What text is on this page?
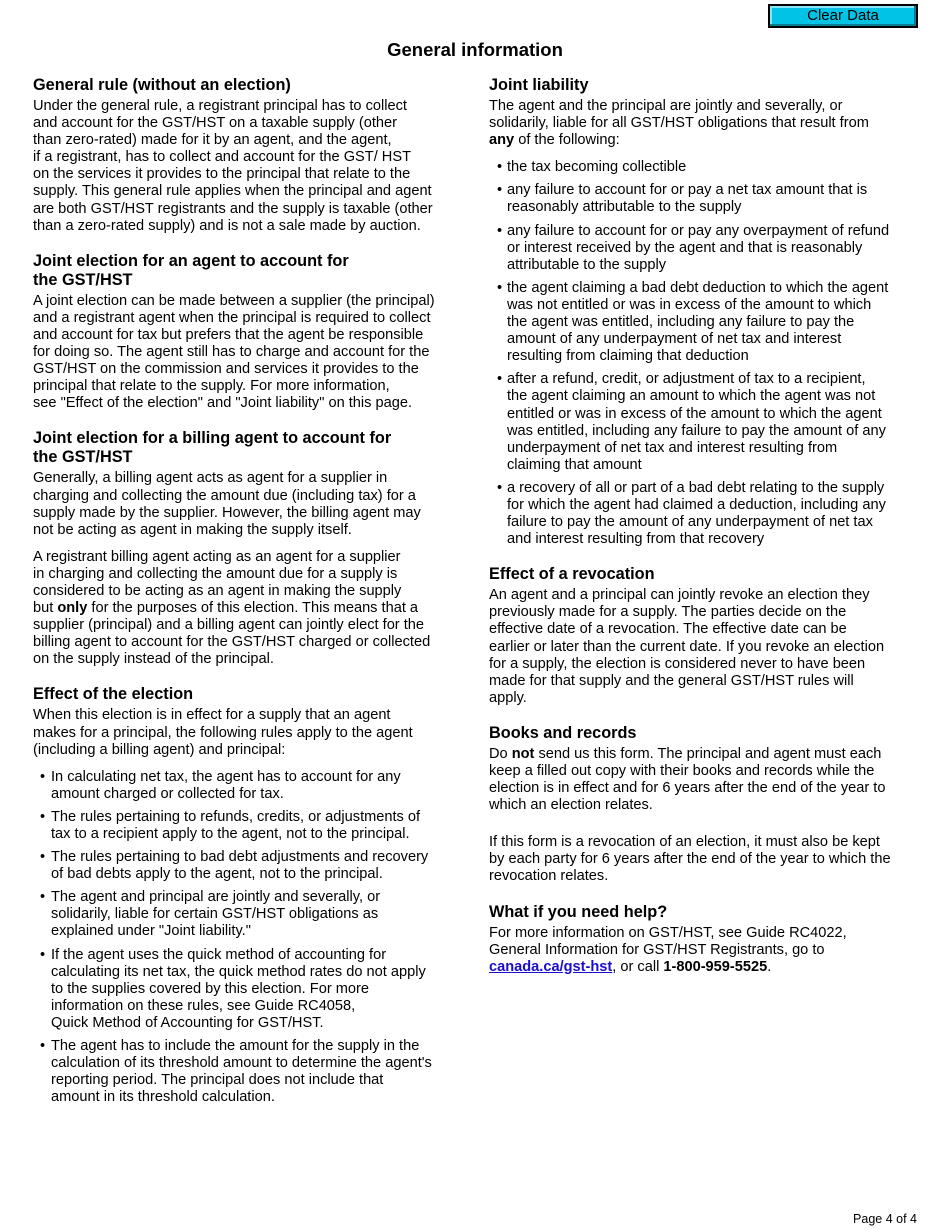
Clear Data
General information
General rule (without an election)

Under the general rule, a registrant principal has to collect
and account for the GST/HST on a taxable supply (other
than zero-rated) made for it by an agent, and the agent,
if a registrant, has to collect and account for the GST/ HST
on the services it provides to the principal that relate to the
supply. This general rule applies when the principal and agent
are both GST/HST registrants and the supply is taxable (other
than a zero-rated supply) and is not a sale made by auction.

Joint election for an agent to account for
the GST/HST

A joint election can be made between a supplier (the principal)
and a registrant agent when the principal is required to collect
and account for tax but prefers that the agent be responsible
for doing so. The agent still has to charge and account for the
GST/HST on the commission and services it provides to the
principal that relate to the supply. For more information,
see "Effect of the election" and "Joint liability" on this page.

Joint election for a billing agent to account for
the GST/HST

Generally, a billing agent acts as agent for a supplier in
charging and collecting the amount due (including tax) for a
supply made by the supplier. However, the billing agent may
not be acting as agent in making the supply itself.

A registrant billing agent acting as an agent for a supplier
in charging and collecting the amount due for a supply is
considered to be acting as an agent in making the supply
but only for the purposes of this election. This means that a
supplier (principal) and a billing agent can jointly elect for the
billing agent to account for the GST/HST charged or collected
on the supply instead of the principal.

Effect of the election

When this election is in effect for a supply that an agent
makes for a principal, the following rules apply to the agent
(including a billing agent) and principal:

• In calculating net tax, the agent has to account for any
amount charged or collected for tax.
• The rules pertaining to refunds, credits, or adjustments of
tax to a recipient apply to the agent, not to the principal.
• The rules pertaining to bad debt adjustments and recovery
of bad debts apply to the agent, not to the principal.
• The agent and principal are jointly and severally, or
solidarily, liable for certain GST/HST obligations as
explained under "Joint liability."
• If the agent uses the quick method of accounting for
calculating its net tax, the quick method rates do not apply
to the supplies covered by this election. For more
information on these rules, see Guide RC4058,
Quick Method of Accounting for GST/HST.
• The agent has to include the amount for the supply in the
calculation of its threshold amount to determine the agent's
reporting period. The principal does not include that
amount in its threshold calculation.
Joint liability

The agent and the principal are jointly and severally, or
solidarily, liable for all GST/HST obligations that result from
any of the following:

• the tax becoming collectible
• any failure to account for or pay a net tax amount that is
reasonably attributable to the supply
• any failure to account for or pay any overpayment of refund
or interest received by the agent and that is reasonably
attributable to the supply
• the agent claiming a bad debt deduction to which the agent
was not entitled or was in excess of the amount to which
the agent was entitled, including any failure to pay the
amount of any underpayment of net tax and interest
resulting from claiming that deduction
• after a refund, credit, or adjustment of tax to a recipient,
the agent claiming an amount to which the agent was not
entitled or was in excess of the amount to which the agent
was entitled, including any failure to pay the amount of any
underpayment of net tax and interest resulting from
claiming that amount
• a recovery of all or part of a bad debt relating to the supply
for which the agent had claimed a deduction, including any
failure to pay the amount of any underpayment of net tax
and interest resulting from that recovery
Effect of a revocation

An agent and a principal can jointly revoke an election they
previously made for a supply. The parties decide on the
effective date of a revocation. The effective date can be
earlier or later than the current date. If you revoke an election
for a supply, the election is considered never to have been
made for that supply and the general GST/HST rules will
apply.

Books and records

Do not send us this form. The principal and agent must each
keep a filled out copy with their books and records while the
election is in effect and for 6 years after the end of the year to
which an election relates.

If this form is a revocation of an election, it must also be kept
by each party for 6 years after the end of the year to which the
revocation relates.

What if you need help?

For more information on GST/HST, see Guide RC4022,
General Information for GST/HST Registrants, go to
canada.ca/gst-hst, or call 1-800-959-5525.

Page 4 of 4
